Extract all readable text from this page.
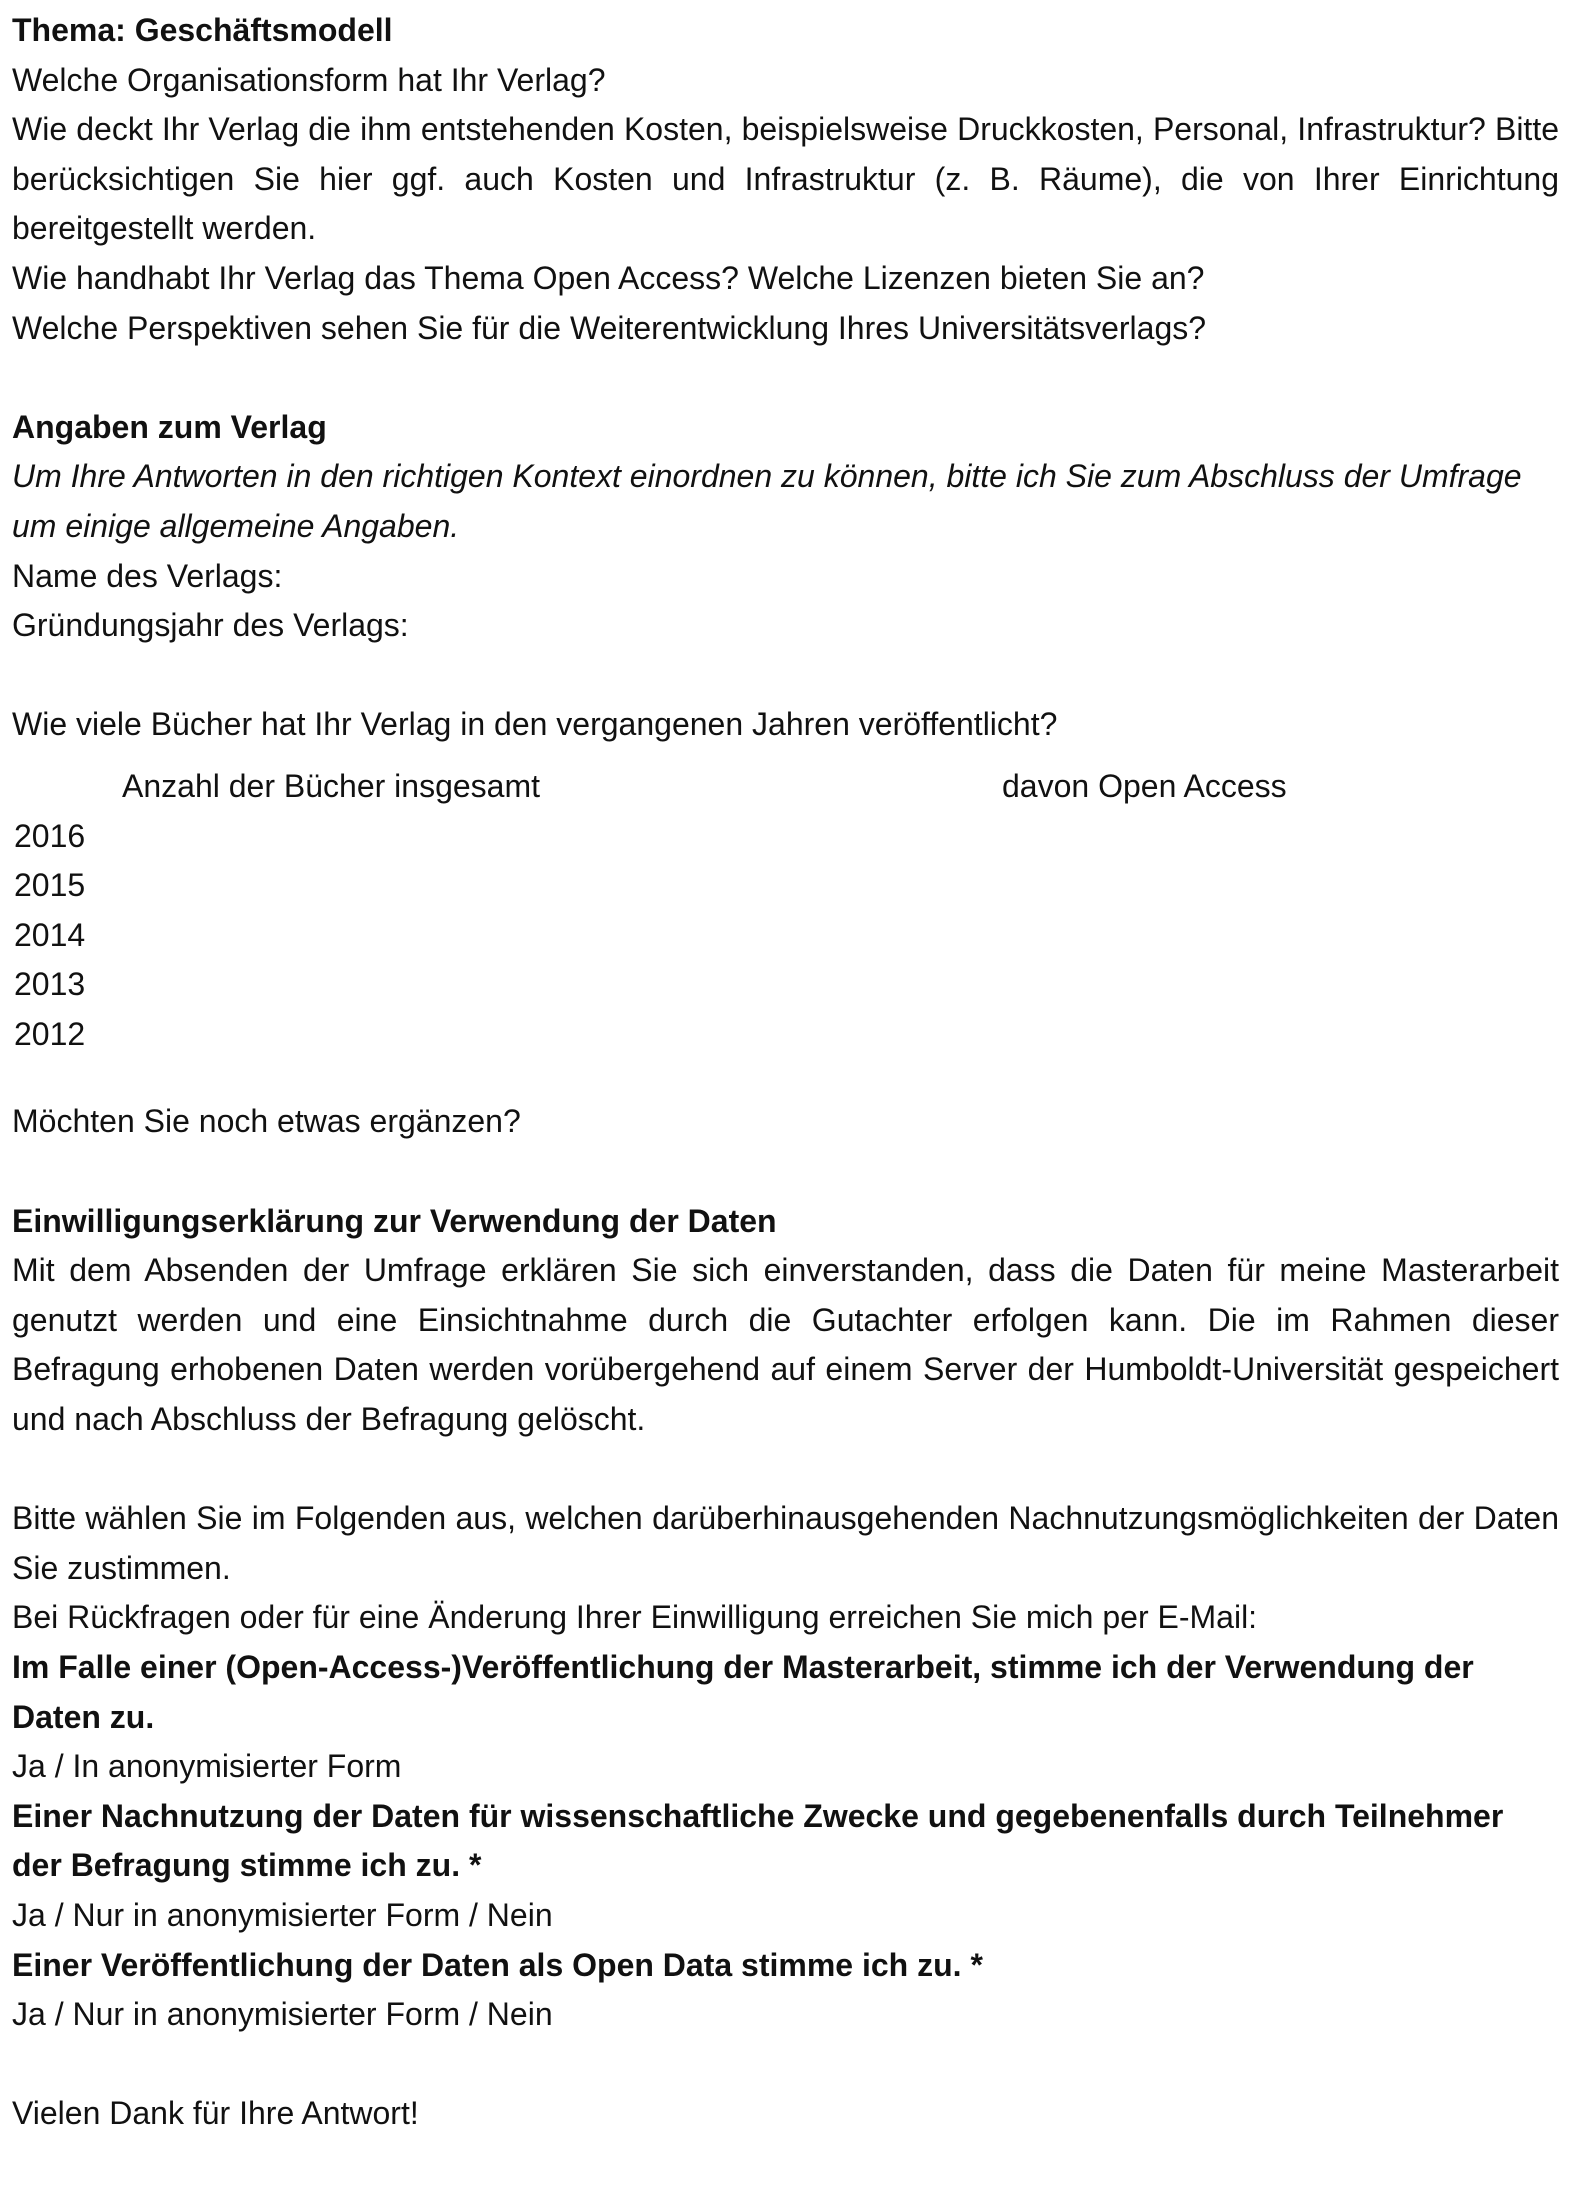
Thema: Geschäftsmodell

Welche Organisationsform hat Ihr Verlag?

Wie deckt Ihr Verlag die ihm entstehenden Kosten, beispielsweise Druckkosten, Personal, Infrastruktur? Bitte berücksichtigen Sie hier ggf. auch Kosten und Infrastruktur (z. B. Räume), die von Ihrer Einrichtung bereitgestellt werden.

Wie handhabt Ihr Verlag das Thema Open Access? Welche Lizenzen bieten Sie an?

Welche Perspektiven sehen Sie für die Weiterentwicklung Ihres Universitätsverlags?

Angaben zum Verlag

Um Ihre Antworten in den richtigen Kontext einordnen zu können, bitte ich Sie zum Abschluss der Umfrage um einige allgemeine Angaben.

Name des Verlags:

Gründungsjahr des Verlags:

Wie viele Bücher hat Ihr Verlag in den vergangenen Jahren veröffentlicht?

	Anzahl der Bücher insgesamt	davon Open Access
2016		
2015		
2014		
2013		
2012		

Möchten Sie noch etwas ergänzen?

Einwilligungserklärung zur Verwendung der Daten

Mit dem Absenden der Umfrage erklären Sie sich einverstanden, dass die Daten für meine Masterarbeit genutzt werden und eine Einsichtnahme durch die Gutachter erfolgen kann. Die im Rahmen dieser Befragung erhobenen Daten werden vorübergehend auf einem Server der Humboldt-Universität gespeichert und nach Abschluss der Befragung gelöscht.

Bitte wählen Sie im Folgenden aus, welchen darüberhinausgehenden Nachnutzungsmöglichkeiten der Daten Sie zustimmen.

Bei Rückfragen oder für eine Änderung Ihrer Einwilligung erreichen Sie mich per E-Mail:

Im Falle einer (Open-Access-)Veröffentlichung der Masterarbeit, stimme ich der Verwendung der Daten zu.

Ja / In anonymisierter Form

Einer Nachnutzung der Daten für wissenschaftliche Zwecke und gegebenenfalls durch Teilnehmer der Befragung stimme ich zu. *

Ja / Nur in anonymisierter Form / Nein

Einer Veröffentlichung der Daten als Open Data stimme ich zu. *

Ja / Nur in anonymisierter Form / Nein

Vielen Dank für Ihre Antwort!
